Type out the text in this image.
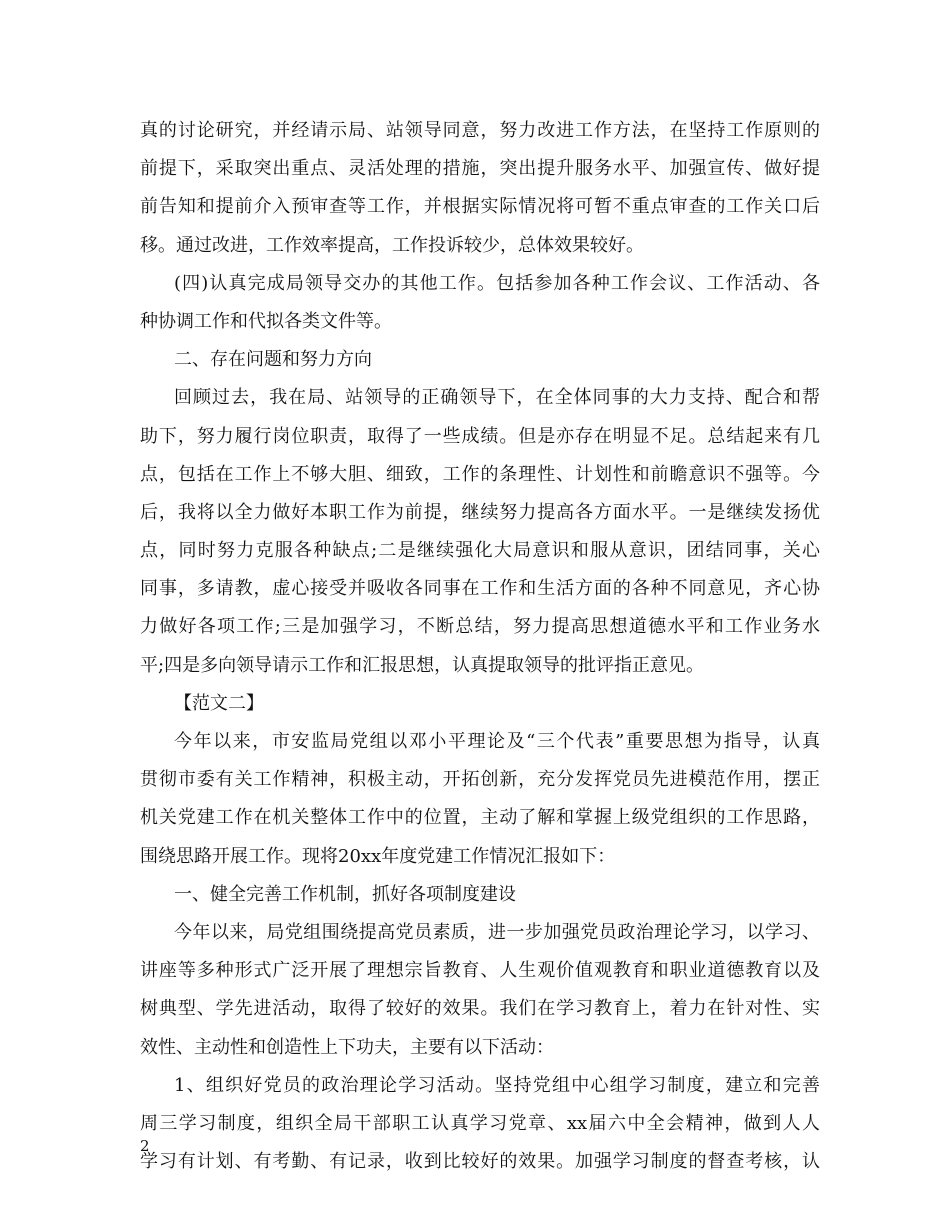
真的讨论研究，并经请示局、站领导同意，努力改进工作方法，在坚持工作原则的
前提下，采取突出重点、灵活处理的措施，突出提升服务水平、加强宣传、做好提
前告知和提前介入预审查等工作，并根据实际情况将可暂不重点审查的工作关口后
移。通过改进，工作效率提高，工作投诉较少，总体效果较好。
(四)认真完成局领导交办的其他工作。包括参加各种工作会议、工作活动、各
种协调工作和代拟各类文件等。
二、存在问题和努力方向
回顾过去，我在局、站领导的正确领导下，在全体同事的大力支持、配合和帮
助下，努力履行岗位职责，取得了一些成绩。但是亦存在明显不足。总结起来有几
点，包括在工作上不够大胆、细致，工作的条理性、计划性和前瞻意识不强等。今
后，我将以全力做好本职工作为前提，继续努力提高各方面水平。一是继续发扬优
点，同时努力克服各种缺点;二是继续强化大局意识和服从意识，团结同事，关心
同事，多请教，虚心接受并吸收各同事在工作和生活方面的各种不同意见，齐心协
力做好各项工作;三是加强学习，不断总结，努力提高思想道德水平和工作业务水
平;四是多向领导请示工作和汇报思想，认真提取领导的批评指正意见。
【范文二】
今年以来，市安监局党组以邓小平理论及“三个代表”重要思想为指导，认真
贯彻市委有关工作精神，积极主动，开拓创新，充分发挥党员先进模范作用，摆正
机关党建工作在机关整体工作中的位置，主动了解和掌握上级党组织的工作思路，
围绕思路开展工作。现将20xx年度党建工作情况汇报如下：
一、健全完善工作机制，抓好各项制度建设
今年以来，局党组围绕提高党员素质，进一步加强党员政治理论学习，以学习、
讲座等多种形式广泛开展了理想宗旨教育、人生观价值观教育和职业道德教育以及
树典型、学先进活动，取得了较好的效果。我们在学习教育上，着力在针对性、实
效性、主动性和创造性上下功夫，主要有以下活动：
1、组织好党员的政治理论学习活动。坚持党组中心组学习制度，建立和完善
周三学习制度，组织全局干部职工认真学习党章、xx届六中全会精神，做到人人
学习有计划、有考勤、有记录，收到比较好的效果。加强学习制度的督查考核，认
2
